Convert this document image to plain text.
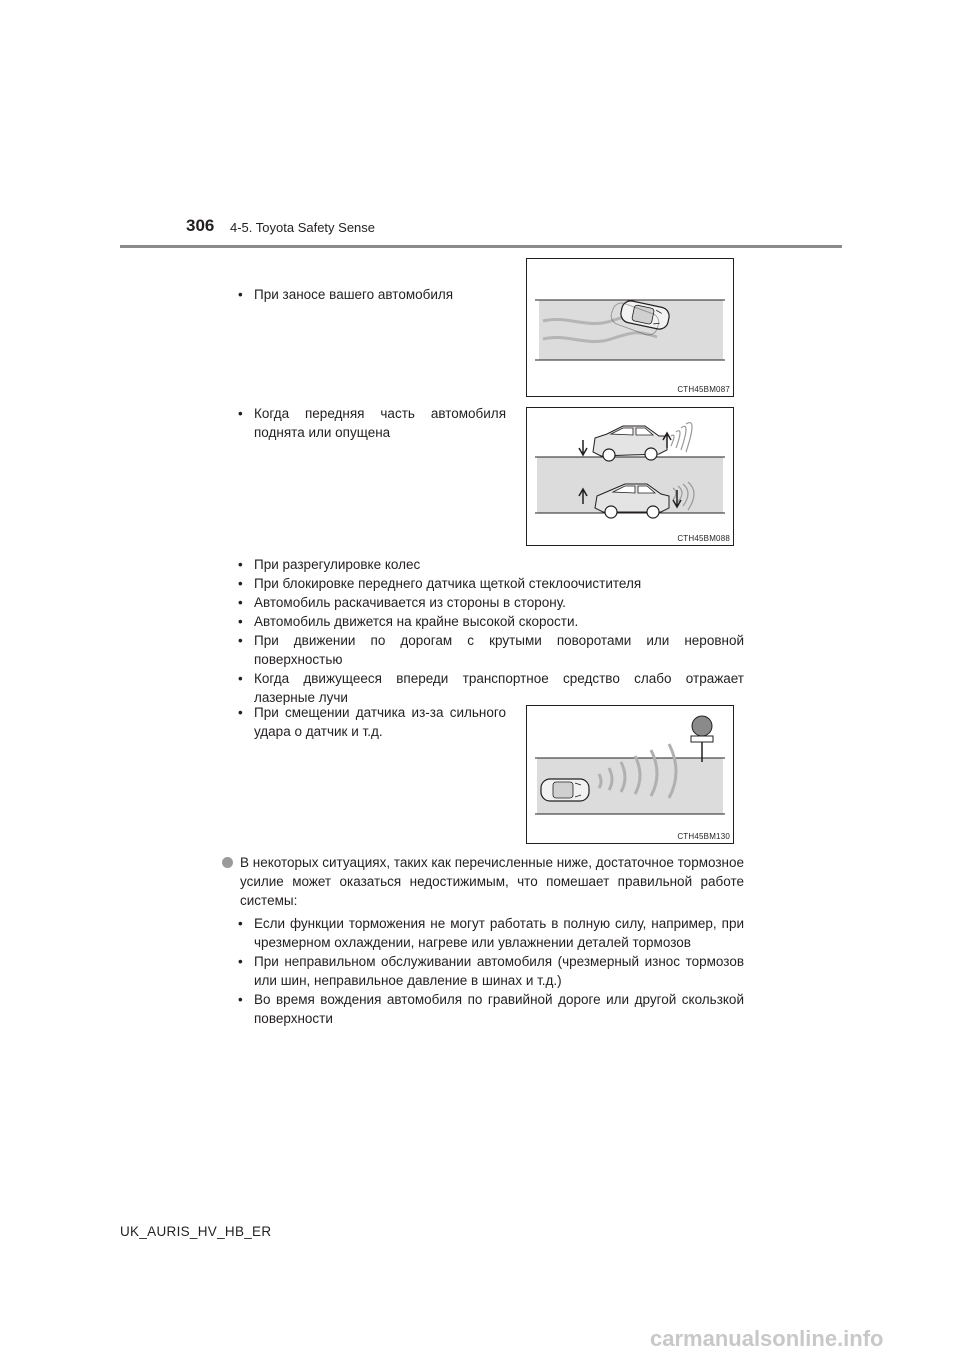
306 4-5. Toyota Safety Sense
• При заносе вашего автомобиля
• Когда передняя часть автомобиля поднята или опущена
CTH45BM087
CTH45BM088
• При разрегулировке колес
• При блокировке переднего датчика щеткой стеклоочистителя
• Автомобиль раскачивается из стороны в сторону.
• Автомобиль движется на крайне высокой скорости.
• При движении по дорогам с крутыми поворотами или неровной поверхностью
• Когда движущееся впереди транспортное средство слабо отражает лазерные лучи
• При смещении датчика из-за сильного удара о датчик и т.д.
CTH45BM130
В некоторых ситуациях, таких как перечисленные ниже, достаточное тормозное усилие может оказаться недостижимым, что помешает правильной работе системы:
• Если функции торможения не могут работать в полную силу, например, при чрезмерном охлаждении, нагреве или увлажнении деталей тормозов
• При неправильном обслуживании автомобиля (чрезмерный износ тормозов или шин, неправильное давление в шинах и т.д.)
• Во время вождения автомобиля по гравийной дороге или другой скользкой поверхности
UK_AURIS_HV_HB_ER
carmanualsonline.info
